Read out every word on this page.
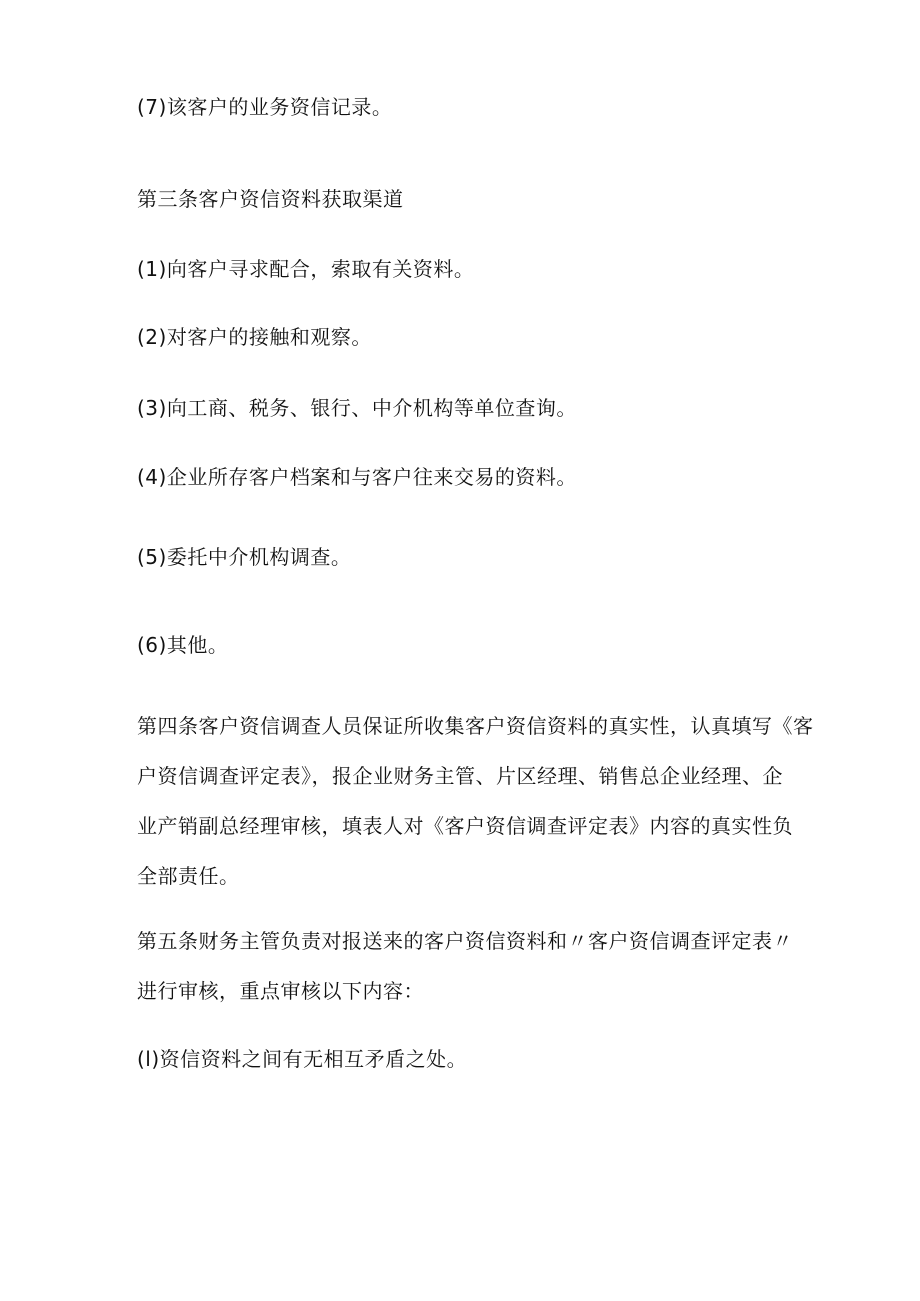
(7)该客户的业务资信记录。
第三条客户资信资料获取渠道
(1)向客户寻求配合，索取有关资料。
(2)对客户的接触和观察。
(3)向工商、税务、银行、中介机构等单位查询。
(4)企业所存客户档案和与客户往来交易的资料。
(5)委托中介机构调查。
(6)其他。
第四条客户资信调查人员保证所收集客户资信资料的真实性，认真填写《客
户资信调查评定表》，报企业财务主管、片区经理、销售总企业经理、企
业产销副总经理审核，填表人对《客户资信调查评定表》内容的真实性负
全部责任。
第五条财务主管负责对报送来的客户资信资料和〃客户资信调查评定表〃
进行审核，重点审核以下内容：
(l)资信资料之间有无相互矛盾之处。
